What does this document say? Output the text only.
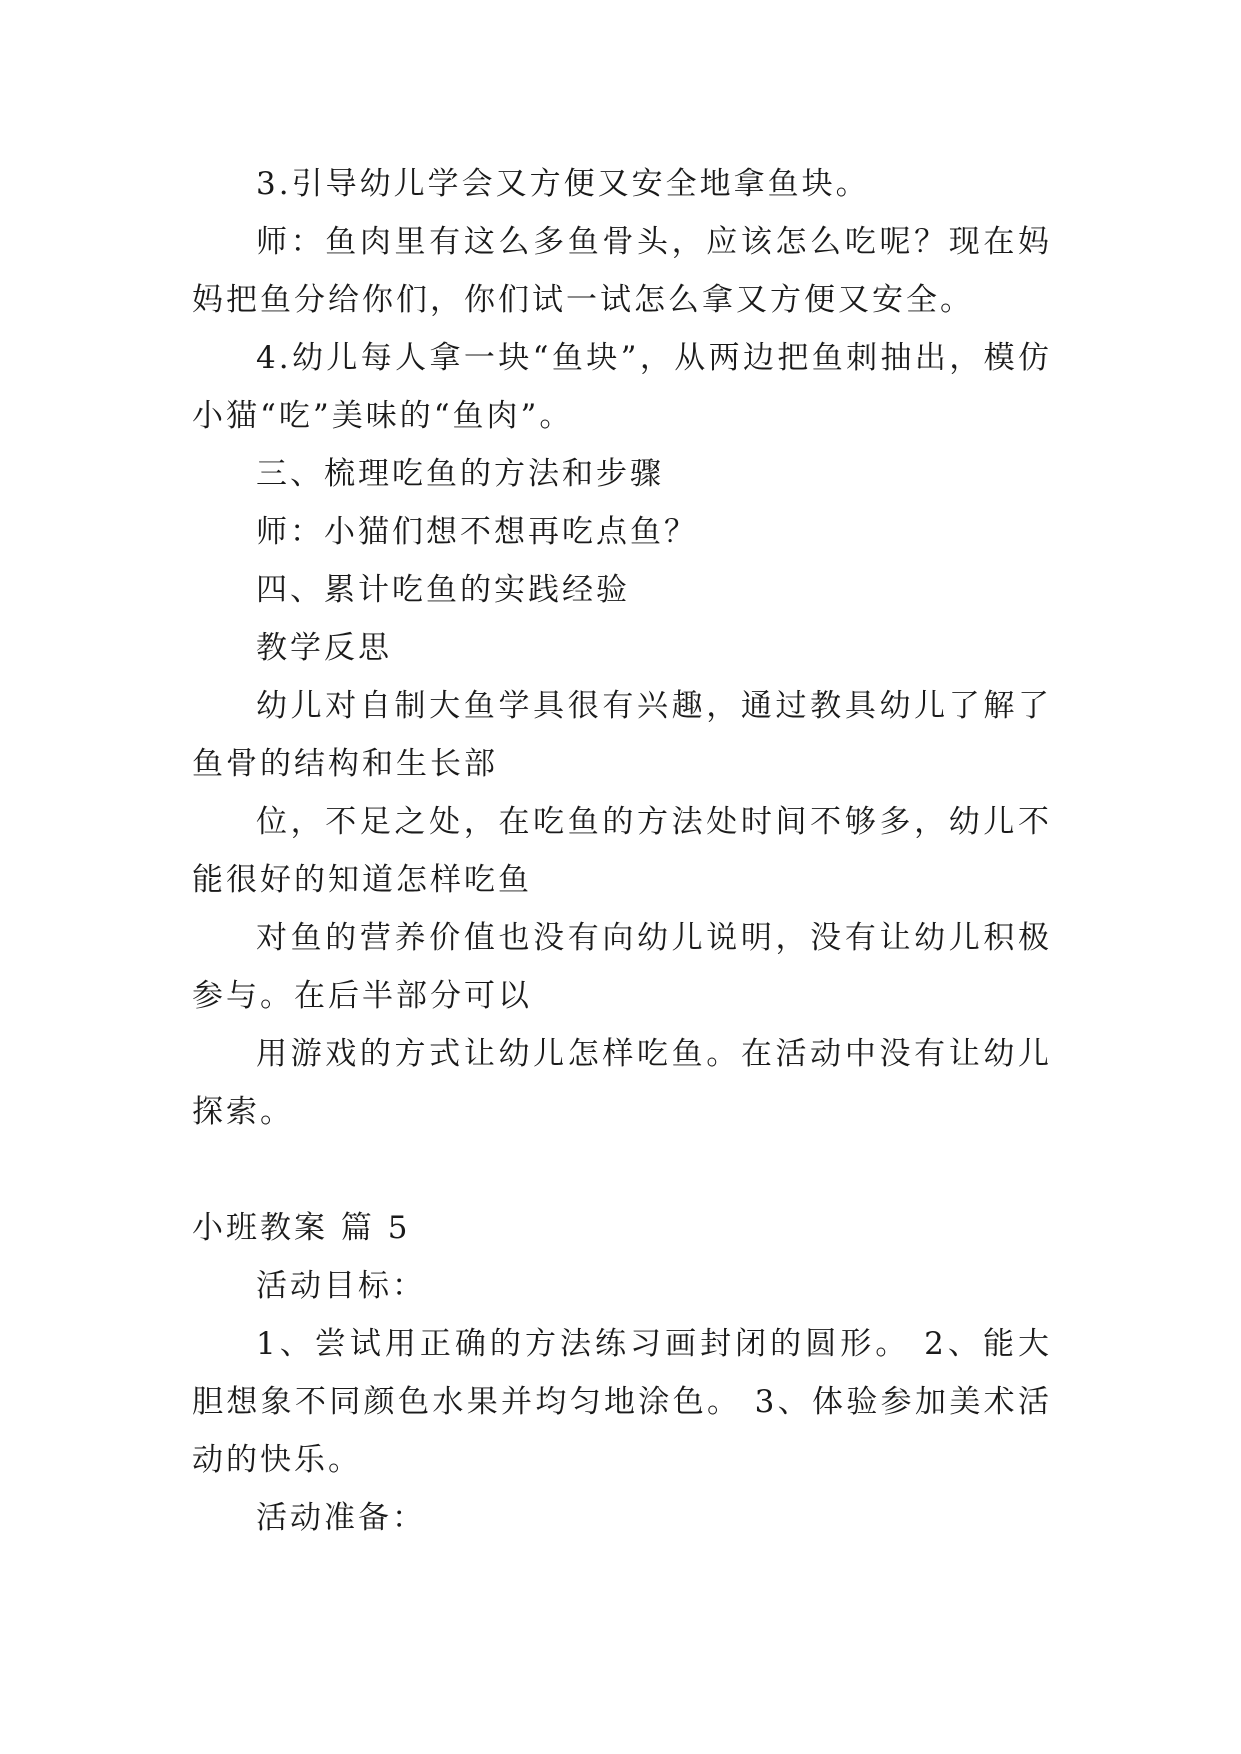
3.引导幼儿学会又方便又安全地拿鱼块。

师：鱼肉里有这么多鱼骨头，应该怎么吃呢？现在妈妈把鱼分给你们，你们试一试怎么拿又方便又安全。

4.幼儿每人拿一块“鱼块”，从两边把鱼刺抽出，模仿小猫“吃”美味的“鱼肉”。

三、梳理吃鱼的方法和步骤

师：小猫们想不想再吃点鱼？

四、累计吃鱼的实践经验

教学反思

幼儿对自制大鱼学具很有兴趣，通过教具幼儿了解了鱼骨的结构和生长部

位，不足之处，在吃鱼的方法处时间不够多，幼儿不能很好的知道怎样吃鱼

对鱼的营养价值也没有向幼儿说明，没有让幼儿积极参与。在后半部分可以

用游戏的方式让幼儿怎样吃鱼。在活动中没有让幼儿探索。

小班教案 篇 5

活动目标：

1、尝试用正确的方法练习画封闭的圆形。 2、能大胆想象不同颜色水果并均匀地涂色。 3、体验参加美术活动的快乐。

活动准备：
